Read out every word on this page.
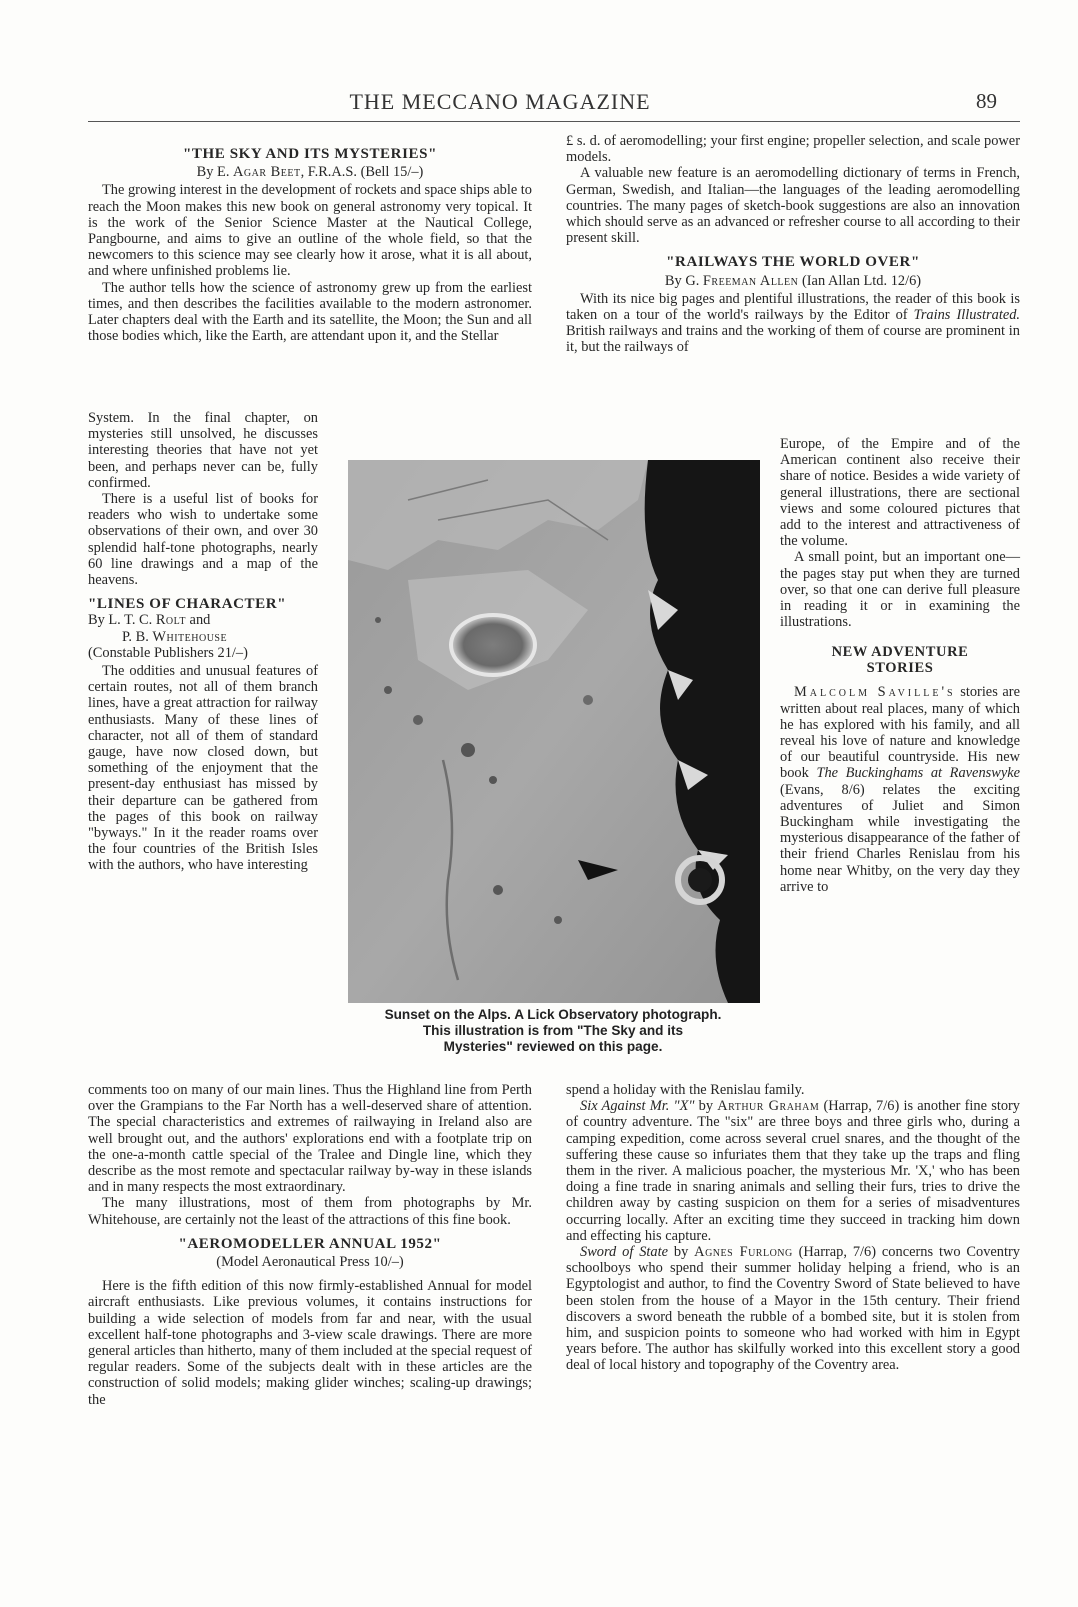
THE MECCANO MAGAZINE	89
"THE SKY AND ITS MYSTERIES"
By E. Agar Beet, F.R.A.S. (Bell 15/–)

The growing interest in the development of rockets and space ships able to reach the Moon makes this new book on general astronomy very topical. It is the work of the Senior Science Master at the Nautical College, Pangbourne, and aims to give an outline of the whole field, so that the newcomers to this science may see clearly how it arose, what it is all about, and where unfinished problems lie.

The author tells how the science of astronomy grew up from the earliest times, and then describes the facilities available to the modern astronomer. Later chapters deal with the Earth and its satellite, the Moon; the Sun and all those bodies which, like the Earth, are attendant upon it, and the Stellar

System. In the final chapter, on mysteries still unsolved, he discusses interesting theories that have not yet been, and perhaps never can be, fully confirmed.

There is a useful list of books for readers who wish to undertake some observations of their own, and over 30 splendid half-tone photographs, nearly 60 line drawings and a map of the heavens.

"LINES OF CHARACTER"
By L. T. C. Rolt and
P. B. Whitehouse
(Constable Publishers 21/–)

The oddities and unusual features of certain routes, not all of them branch lines, have a great attraction for railway enthusiasts. Many of these lines of character, not all of them of standard gauge, have now closed down, but something of the enjoyment that the present-day enthusiast has missed by their departure can be gathered from the pages of this book on railway "byways." In it the reader roams over the four countries of the British Isles with the authors, who have interesting

comments too on many of our main lines. Thus the Highland line from Perth over the Grampians to the Far North has a well-deserved share of attention. The special characteristics and extremes of railwaying in Ireland also are well brought out, and the authors' explorations end with a footplate trip on the one-a-month cattle special of the Tralee and Dingle line, which they describe as the most remote and spectacular railway by-way in these islands and in many respects the most extraordinary.

The many illustrations, most of them from photographs by Mr. Whitehouse, are certainly not the least of the attractions of this fine book.

"AEROMODELLER ANNUAL 1952"
(Model Aeronautical Press 10/–)

Here is the fifth edition of this now firmly-established Annual for model aircraft enthusiasts. Like previous volumes, it contains instructions for building a wide selection of models from far and near, with the usual excellent half-tone photographs and 3-view scale drawings. There are more general articles than hitherto, many of them included at the special request of regular readers. Some of the subjects dealt with in these articles are the construction of solid models; making glider winches; scaling-up drawings; the

£ s. d. of aeromodelling; your first engine; propeller selection, and scale power models.

A valuable new feature is an aeromodelling dictionary of terms in French, German, Swedish, and Italian—the languages of the leading aeromodelling countries. The many pages of sketch-book suggestions are also an innovation which should serve as an advanced or refresher course to all according to their present skill.

"RAILWAYS THE WORLD OVER"
By G. Freeman Allen (Ian Allan Ltd. 12/6)

With its nice big pages and plentiful illustrations, the reader of this book is taken on a tour of the world's railways by the Editor of Trains Illustrated. British railways and trains and the working of them of course are prominent in it, but the railways of

Europe, of the Empire and of the American continent also receive their share of notice. Besides a wide variety of general illustrations, there are sectional views and some coloured pictures that add to the interest and attractiveness of the volume.

A small point, but an important one—the pages stay put when they are turned over, so that one can derive full pleasure in reading it or in examining the illustrations.

NEW ADVENTURE
STORIES

Malcolm Saville's stories are written about real places, many of which he has explored with his family, and all reveal his love of nature and knowledge of our beautiful countryside. His new book The Buckinghams at Ravenswyke (Evans, 8/6) relates the exciting adventures of Juliet and Simon Buckingham while investigating the mysterious disappearance of the father of their friend Charles Renislau from his home near Whitby, on the very day they arrive to

spend a holiday with the Renislau family.

Six Against Mr. "X" by Arthur Graham (Harrap, 7/6) is another fine story of country adventure. The "six" are three boys and three girls who, during a camping expedition, come across several cruel snares, and the thought of the suffering these cause so infuriates them that they take up the traps and fling them in the river. A malicious poacher, the mysterious Mr. 'X,' who has been doing a fine trade in snaring animals and selling their furs, tries to drive the children away by casting suspicion on them for a series of misadventures occurring locally. After an exciting time they succeed in tracking him down and effecting his capture.

Sword of State by Agnes Furlong (Harrap, 7/6) concerns two Coventry schoolboys who spend their summer holiday helping a friend, who is an Egyptologist and author, to find the Coventry Sword of State believed to have been stolen from the house of a Mayor in the 15th century. Their friend discovers a sword beneath the rubble of a bombed site, but it is stolen from him, and suspicion points to someone who had worked with him in Egypt years before. The author has skilfully worked into this excellent story a good deal of local history and topography of the Coventry area.

Sunset on the Alps. A Lick Observatory photograph.
This illustration is from "The Sky and its
Mysteries" reviewed on this page.
